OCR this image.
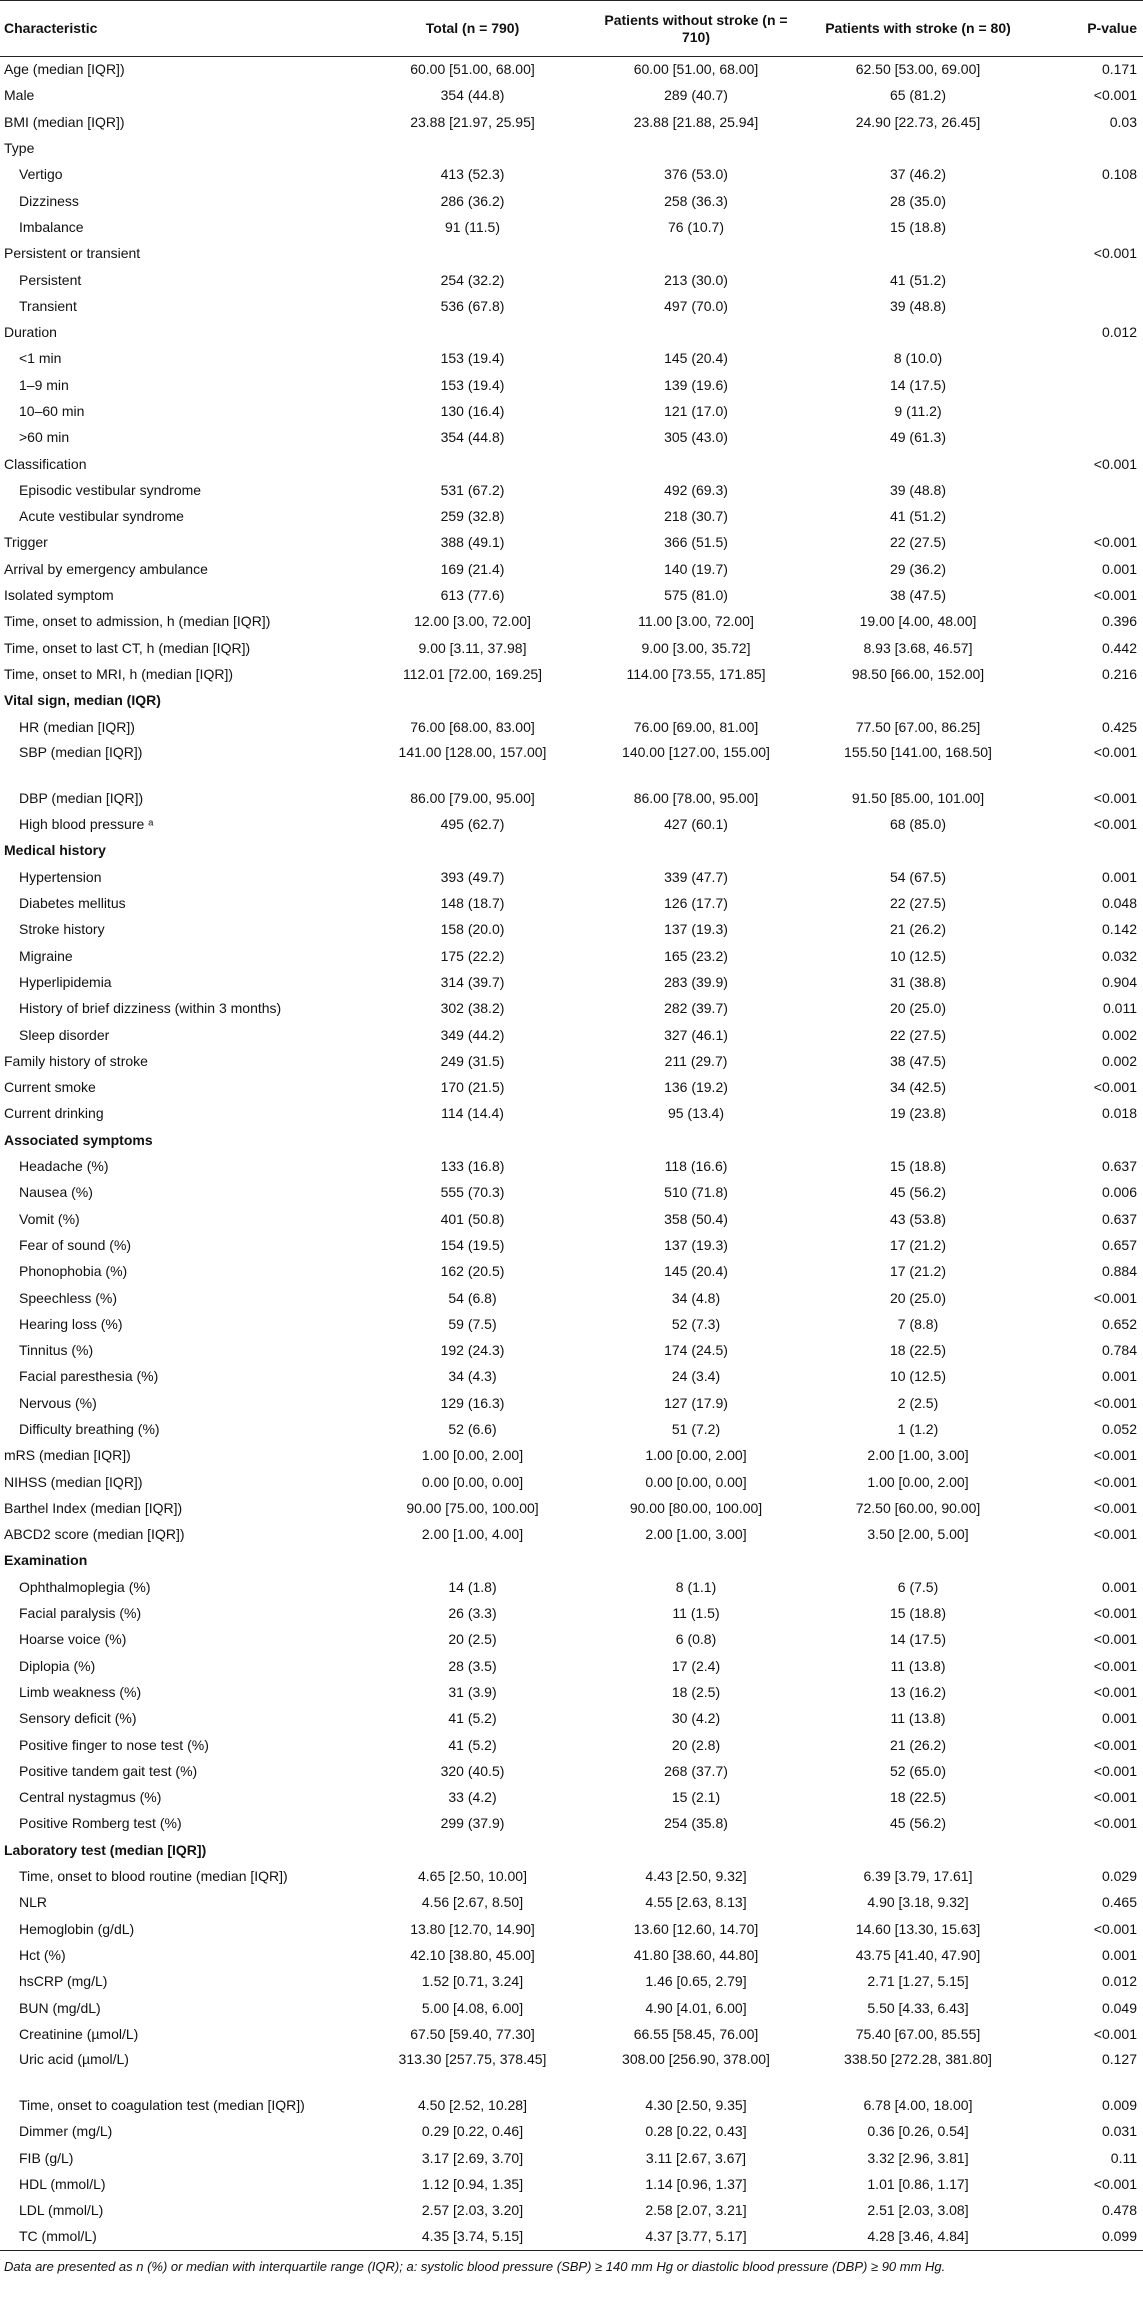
Characteristic	Total (n = 790)	Patients without stroke (n = 710)	Patients with stroke (n = 80)	P-value
Age (median [IQR])	60.00 [51.00, 68.00]	60.00 [51.00, 68.00]	62.50 [53.00, 69.00]	0.171
Male	354 (44.8)	289 (40.7)	65 (81.2)	<0.001
BMI (median [IQR])	23.88 [21.97, 25.95]	23.88 [21.88, 25.94]	24.90 [22.73, 26.45]	0.03
Type				
Vertigo	413 (52.3)	376 (53.0)	37 (46.2)	0.108
Dizziness	286 (36.2)	258 (36.3)	28 (35.0)	
Imbalance	91 (11.5)	76 (10.7)	15 (18.8)	
Persistent or transient				<0.001
Persistent	254 (32.2)	213 (30.0)	41 (51.2)	
Transient	536 (67.8)	497 (70.0)	39 (48.8)	
Duration				0.012
<1 min	153 (19.4)	145 (20.4)	8 (10.0)	
1–9 min	153 (19.4)	139 (19.6)	14 (17.5)	
10–60 min	130 (16.4)	121 (17.0)	9 (11.2)	
>60 min	354 (44.8)	305 (43.0)	49 (61.3)	
Classification				<0.001
Episodic vestibular syndrome	531 (67.2)	492 (69.3)	39 (48.8)	
Acute vestibular syndrome	259 (32.8)	218 (30.7)	41 (51.2)	
Trigger	388 (49.1)	366 (51.5)	22 (27.5)	<0.001
Arrival by emergency ambulance	169 (21.4)	140 (19.7)	29 (36.2)	0.001
Isolated symptom	613 (77.6)	575 (81.0)	38 (47.5)	<0.001
Time, onset to admission, h (median [IQR])	12.00 [3.00, 72.00]	11.00 [3.00, 72.00]	19.00 [4.00, 48.00]	0.396
Time, onset to last CT, h (median [IQR])	9.00 [3.11, 37.98]	9.00 [3.00, 35.72]	8.93 [3.68, 46.57]	0.442
Time, onset to MRI, h (median [IQR])	112.01 [72.00, 169.25]	114.00 [73.55, 171.85]	98.50 [66.00, 152.00]	0.216
Vital sign, median (IQR)				
HR (median [IQR])	76.00 [68.00, 83.00]	76.00 [69.00, 81.00]	77.50 [67.00, 86.25]	0.425
SBP (median [IQR])	141.00 [128.00, 157.00]	140.00 [127.00, 155.00]	155.50 [141.00, 168.50]	<0.001
DBP (median [IQR])	86.00 [79.00, 95.00]	86.00 [78.00, 95.00]	91.50 [85.00, 101.00]	<0.001
High blood pressure ᵃ	495 (62.7)	427 (60.1)	68 (85.0)	<0.001
Medical history				
Hypertension	393 (49.7)	339 (47.7)	54 (67.5)	0.001
Diabetes mellitus	148 (18.7)	126 (17.7)	22 (27.5)	0.048
Stroke history	158 (20.0)	137 (19.3)	21 (26.2)	0.142
Migraine	175 (22.2)	165 (23.2)	10 (12.5)	0.032
Hyperlipidemia	314 (39.7)	283 (39.9)	31 (38.8)	0.904
History of brief dizziness (within 3 months)	302 (38.2)	282 (39.7)	20 (25.0)	0.011
Sleep disorder	349 (44.2)	327 (46.1)	22 (27.5)	0.002
Family history of stroke	249 (31.5)	211 (29.7)	38 (47.5)	0.002
Current smoke	170 (21.5)	136 (19.2)	34 (42.5)	<0.001
Current drinking	114 (14.4)	95 (13.4)	19 (23.8)	0.018
Associated symptoms				
Headache (%)	133 (16.8)	118 (16.6)	15 (18.8)	0.637
Nausea (%)	555 (70.3)	510 (71.8)	45 (56.2)	0.006
Vomit (%)	401 (50.8)	358 (50.4)	43 (53.8)	0.637
Fear of sound (%)	154 (19.5)	137 (19.3)	17 (21.2)	0.657
Phonophobia (%)	162 (20.5)	145 (20.4)	17 (21.2)	0.884
Speechless (%)	54 (6.8)	34 (4.8)	20 (25.0)	<0.001
Hearing loss (%)	59 (7.5)	52 (7.3)	7 (8.8)	0.652
Tinnitus (%)	192 (24.3)	174 (24.5)	18 (22.5)	0.784
Facial paresthesia (%)	34 (4.3)	24 (3.4)	10 (12.5)	0.001
Nervous (%)	129 (16.3)	127 (17.9)	2 (2.5)	<0.001
Difficulty breathing (%)	52 (6.6)	51 (7.2)	1 (1.2)	0.052
mRS (median [IQR])	1.00 [0.00, 2.00]	1.00 [0.00, 2.00]	2.00 [1.00, 3.00]	<0.001
NIHSS (median [IQR])	0.00 [0.00, 0.00]	0.00 [0.00, 0.00]	1.00 [0.00, 2.00]	<0.001
Barthel Index (median [IQR])	90.00 [75.00, 100.00]	90.00 [80.00, 100.00]	72.50 [60.00, 90.00]	<0.001
ABCD2 score (median [IQR])	2.00 [1.00, 4.00]	2.00 [1.00, 3.00]	3.50 [2.00, 5.00]	<0.001
Examination				
Ophthalmoplegia (%)	14 (1.8)	8 (1.1)	6 (7.5)	0.001
Facial paralysis (%)	26 (3.3)	11 (1.5)	15 (18.8)	<0.001
Hoarse voice (%)	20 (2.5)	6 (0.8)	14 (17.5)	<0.001
Diplopia (%)	28 (3.5)	17 (2.4)	11 (13.8)	<0.001
Limb weakness (%)	31 (3.9)	18 (2.5)	13 (16.2)	<0.001
Sensory deficit (%)	41 (5.2)	30 (4.2)	11 (13.8)	0.001
Positive finger to nose test (%)	41 (5.2)	20 (2.8)	21 (26.2)	<0.001
Positive tandem gait test (%)	320 (40.5)	268 (37.7)	52 (65.0)	<0.001
Central nystagmus (%)	33 (4.2)	15 (2.1)	18 (22.5)	<0.001
Positive Romberg test (%)	299 (37.9)	254 (35.8)	45 (56.2)	<0.001
Laboratory test (median [IQR])				
Time, onset to blood routine (median [IQR])	4.65 [2.50, 10.00]	4.43 [2.50, 9.32]	6.39 [3.79, 17.61]	0.029
NLR	4.56 [2.67, 8.50]	4.55 [2.63, 8.13]	4.90 [3.18, 9.32]	0.465
Hemoglobin (g/dL)	13.80 [12.70, 14.90]	13.60 [12.60, 14.70]	14.60 [13.30, 15.63]	<0.001
Hct (%)	42.10 [38.80, 45.00]	41.80 [38.60, 44.80]	43.75 [41.40, 47.90]	0.001
hsCRP (mg/L)	1.52 [0.71, 3.24]	1.46 [0.65, 2.79]	2.71 [1.27, 5.15]	0.012
BUN (mg/dL)	5.00 [4.08, 6.00]	4.90 [4.01, 6.00]	5.50 [4.33, 6.43]	0.049
Creatinine (µmol/L)	67.50 [59.40, 77.30]	66.55 [58.45, 76.00]	75.40 [67.00, 85.55]	<0.001
Uric acid (µmol/L)	313.30 [257.75, 378.45]	308.00 [256.90, 378.00]	338.50 [272.28, 381.80]	0.127
Time, onset to coagulation test (median [IQR])	4.50 [2.52, 10.28]	4.30 [2.50, 9.35]	6.78 [4.00, 18.00]	0.009
Dimmer (mg/L)	0.29 [0.22, 0.46]	0.28 [0.22, 0.43]	0.36 [0.26, 0.54]	0.031
FIB (g/L)	3.17 [2.69, 3.70]	3.11 [2.67, 3.67]	3.32 [2.96, 3.81]	0.11
HDL (mmol/L)	1.12 [0.94, 1.35]	1.14 [0.96, 1.37]	1.01 [0.86, 1.17]	<0.001
LDL (mmol/L)	2.57 [2.03, 3.20]	2.58 [2.07, 3.21]	2.51 [2.03, 3.08]	0.478
TC (mmol/L)	4.35 [3.74, 5.15]	4.37 [3.77, 5.17]	4.28 [3.46, 4.84]	0.099
Data are presented as n (%) or median with interquartile range (IQR); a: systolic blood pressure (SBP) ≥ 140 mm Hg or diastolic blood pressure (DBP) ≥ 90 mm Hg.
